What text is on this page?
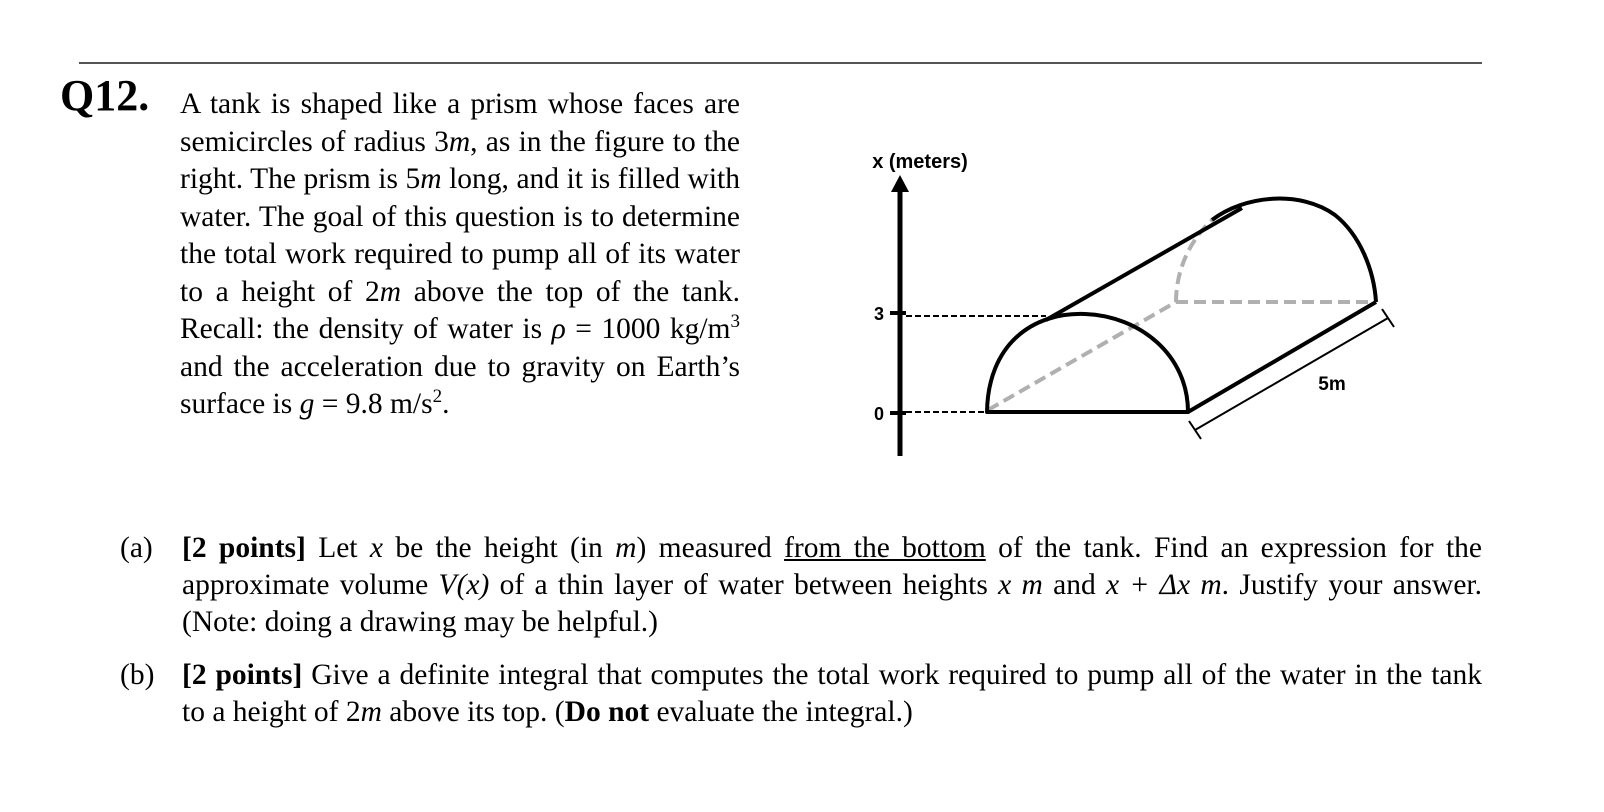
Q12. A tank is shaped like a prism whose faces are semicircles of radius 3m, as in the figure to the right. The prism is 5m long, and it is filled with water. The goal of this question is to determine the total work required to pump all of its water to a height of 2m above the top of the tank. Recall: the density of water is ρ = 1000 $kg/m^3$ and the acceleration due to gravity on Earth’s surface is g = 9.8 $m/s^2$.
x (meters)
3
0
5m
(a) [2 points] Let x be the height (in m) measured from the bottom of the tank. Find an expression for the approximate volume V(x) of a thin layer of water between heights x m and x + Δx m. Justify your answer. (Note: doing a drawing may be helpful.)
(b) [2 points] Give a definite integral that computes the total work required to pump all of the water in the tank to a height of 2m above its top. (Do not evaluate the integral.)
